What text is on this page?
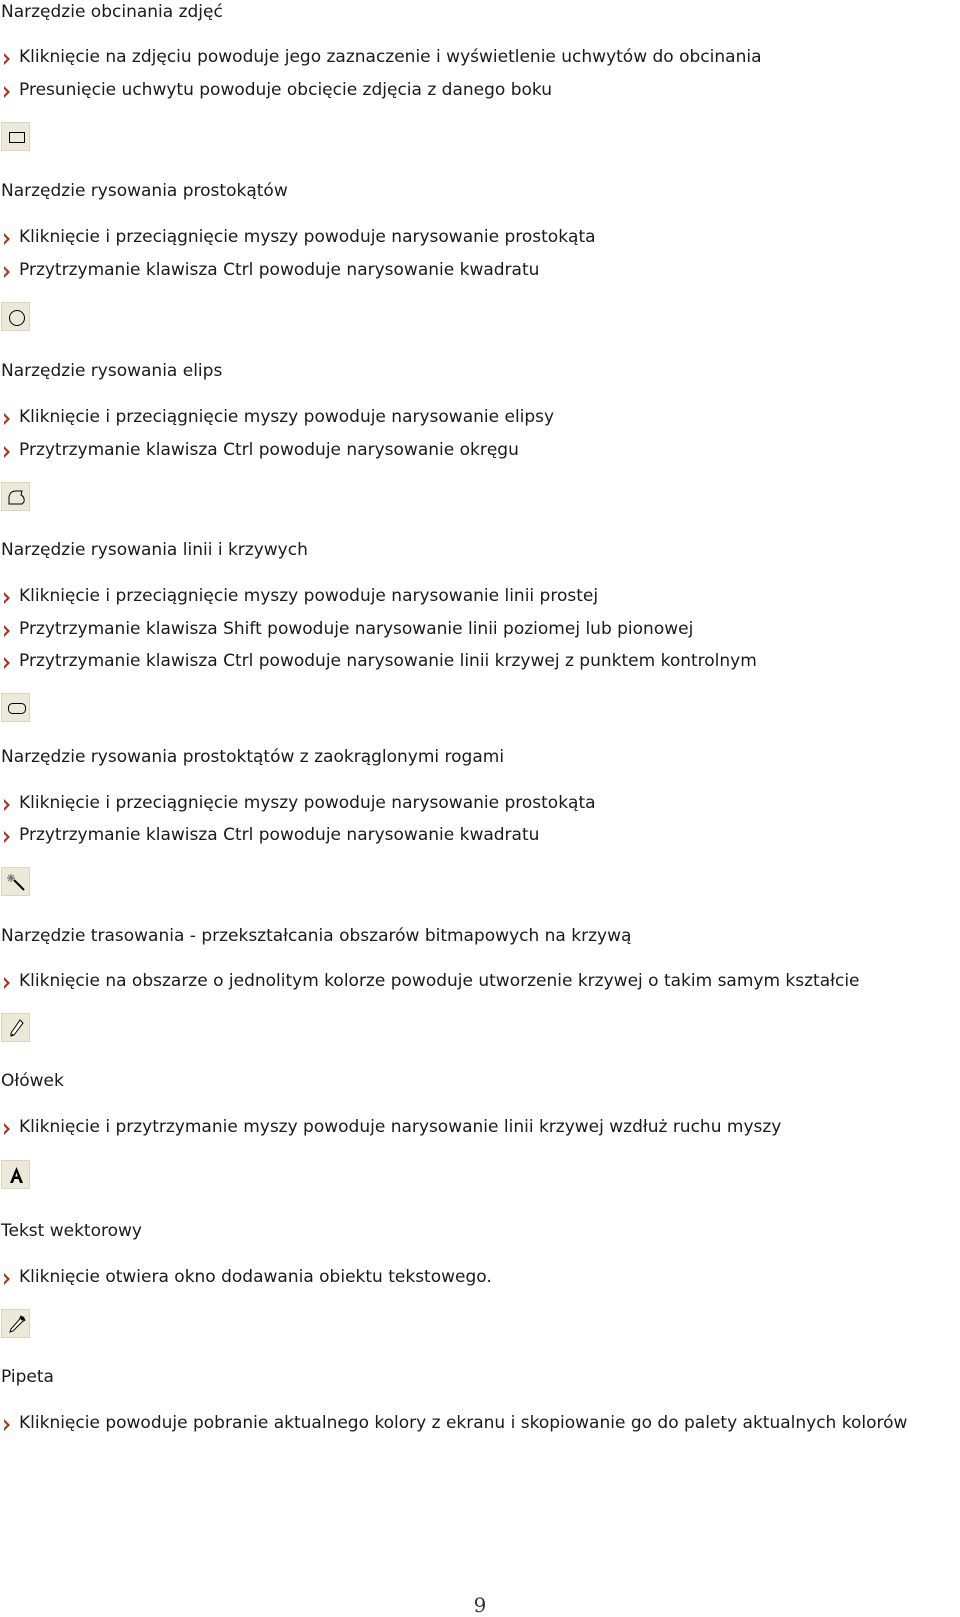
Narzędzie obcinania zdjęć
Kliknięcie na zdjęciu powoduje jego zaznaczenie i wyświetlenie uchwytów do obcinania
Presunięcie uchwytu powoduje obcięcie zdjęcia z danego boku
Narzędzie rysowania prostokątów
Kliknięcie i przeciągnięcie myszy powoduje narysowanie prostokąta
Przytrzymanie klawisza Ctrl powoduje narysowanie kwadratu
Narzędzie rysowania elips
Kliknięcie i przeciągnięcie myszy powoduje narysowanie elipsy
Przytrzymanie klawisza Ctrl powoduje narysowanie okręgu
Narzędzie rysowania linii i krzywych
Kliknięcie i przeciągnięcie myszy powoduje narysowanie linii prostej
Przytrzymanie klawisza Shift powoduje narysowanie linii poziomej lub pionowej
Przytrzymanie klawisza Ctrl powoduje narysowanie linii krzywej z punktem kontrolnym
Narzędzie rysowania prostoktątów z zaokrąglonymi rogami
Kliknięcie i przeciągnięcie myszy powoduje narysowanie prostokąta
Przytrzymanie klawisza Ctrl powoduje narysowanie kwadratu
Narzędzie trasowania - przekształcania obszarów bitmapowych na krzywą
Kliknięcie na obszarze o jednolitym kolorze powoduje utworzenie krzywej o takim samym kształcie
Ołówek
Kliknięcie i przytrzymanie myszy powoduje narysowanie linii krzywej wzdłuż ruchu myszy
Tekst wektorowy
Kliknięcie otwiera okno dodawania obiektu tekstowego.
Pipeta
Kliknięcie powoduje pobranie aktualnego kolory z ekranu i skopiowanie go do palety aktualnych kolorów
9
